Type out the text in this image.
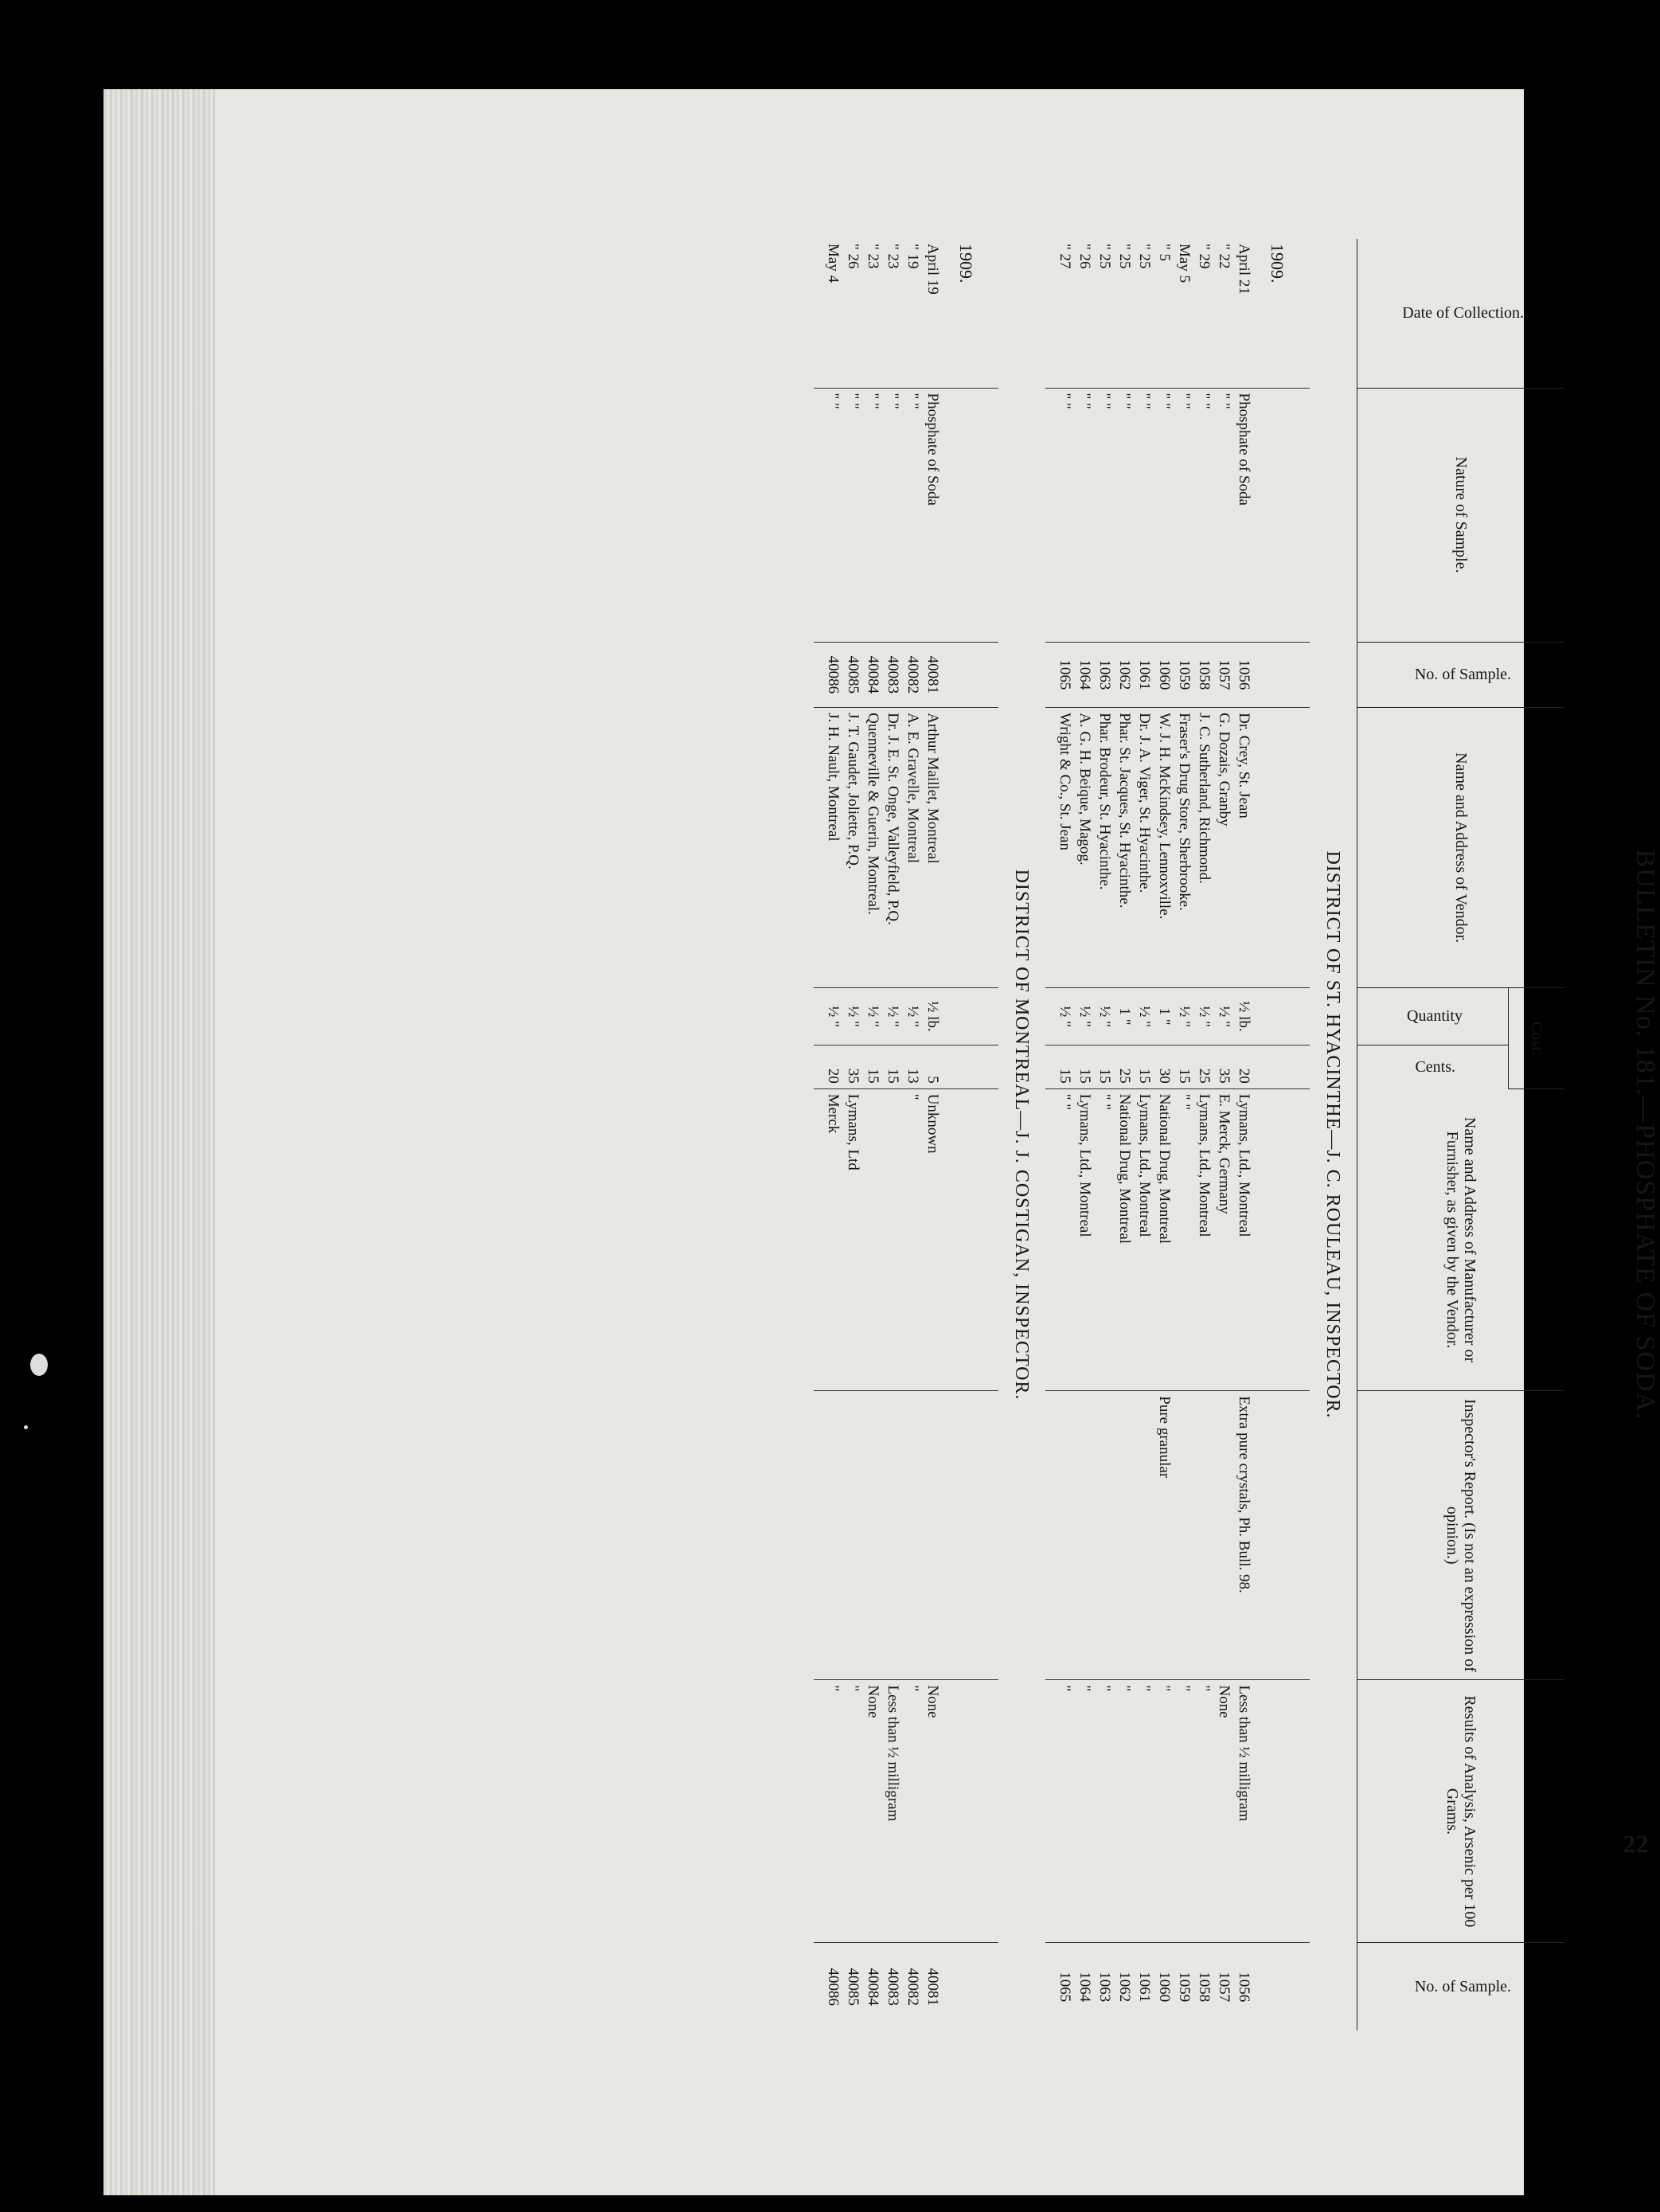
22
BULLETIN No. 181.—PHOSPHATE OF SODA.
Date of Collection.	Nature of Sample.	No. of Sample.	Name and Address of Vendor.	Cost.		Name and Address of Manufacturer or Furnisher, as given by the Vendor.	Inspector's Report. (Is not an expression of opinion.)	Results of Analysis, Arsenic per 100 Grams.	No. of Sample.
				Quantity	Cents.				
DISTRICT OF ST. HYACINTHE—J. C. ROULEAU, INSPECTOR.									
1909.									
April 21	Phosphate of Soda	1056	Dr. Crey, St. Jean	½ lb.	20	Lymans, Ltd., Montreal	Extra pure crystals, Ph. Bull. 98.	Less than ½ milligram	1056
" 22	" "	1057	G. Dozais, Granby	½ "	35	E. Merck, Germany		None	1057
" 29	" "	1058	J. C. Sutherland, Richmond.	½ "	25	Lymans, Ltd., Montreal		"	1058
May 5	" "	1059	Fraser's Drug Store, Sherbrooke.	½ "	15	" "		"	1059
" 5	" "	1060	W. J. H. McKindsey, Lennoxville.	1 "	30	National Drug, Montreal	Pure granular	"	1060
" 25	" "	1061	Dr. J. A. Viger, St. Hyacinthe.	½ "	15	Lymans, Ltd., Montreal		"	1061
" 25	" "	1062	Phar. St. Jacques, St. Hyacinthe.	1 "	25	National Drug, Montreal		"	1062
" 25	" "	1063	Phar. Brodeur, St. Hyacinthe.	½ "	15	" "		"	1063
" 26	" "	1064	A. G. H. Beique, Magog.	½ "	15	Lymans, Ltd., Montreal		"	1064
" 27	" "	1065	Wright & Co., St. Jean	½ "	15	" "		"	1065

DISTRICT OF MONTREAL—J. J. COSTIGAN, INSPECTOR.									
1909.									
April 19	Phosphate of Soda	40081	Arthur Maillet, Montreal	½ lb.	5	Unknown		None	40081
" 19	" "	40082	A. E. Gravelle, Montreal	½ "	13	"		"	40082
" 23	" "	40083	Dr. J. E. St. Onge, Valleyfield, P.Q.	½ "	15			Less than ½ milligram	40083
" 23	" "	40084	Quenneville & Guerin, Montreal.	½ "	15			None	40084
" 26	" "	40085	J. T. Gaudet, Joliette, P.Q.	½ "	35	Lymans, Ltd		"	40085
May 4	" "	40086	J. H. Nault, Montreal	½ "	20	Merck		"	40086
